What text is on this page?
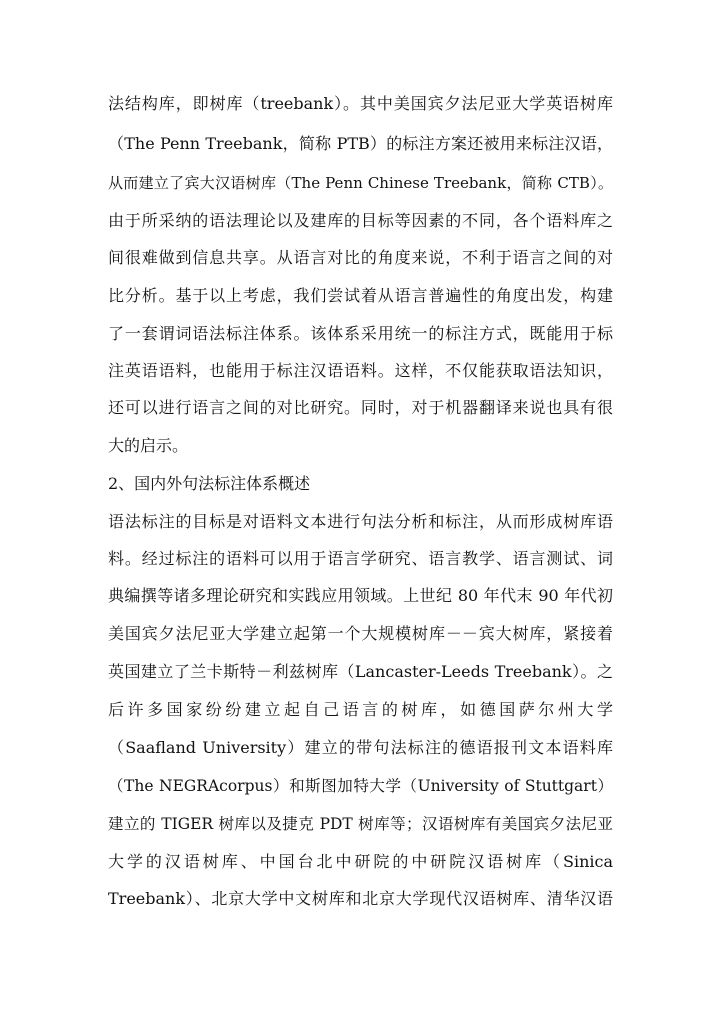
法结构库，即树库（treebank）。其中美国宾夕法尼亚大学英语树库
（The Penn Treebank，简称 PTB）的标注方案还被用来标注汉语，
从而建立了宾大汉语树库（The Penn Chinese Treebank，简称 CTB）。
由于所采纳的语法理论以及建库的目标等因素的不同，各个语料库之
间很难做到信息共享。从语言对比的角度来说，不利于语言之间的对
比分析。基于以上考虑，我们尝试着从语言普遍性的角度出发，构建
了一套谓词语法标注体系。该体系采用统一的标注方式，既能用于标
注英语语料，也能用于标注汉语语料。这样，不仅能获取语法知识，
还可以进行语言之间的对比研究。同时，对于机器翻译来说也具有很
大的启示。
2、国内外句法标注体系概述
语法标注的目标是对语料文本进行句法分析和标注，从而形成树库语
料。经过标注的语料可以用于语言学研究、语言教学、语言测试、词
典编撰等诸多理论研究和实践应用领域。上世纪 80 年代末 90 年代初
美国宾夕法尼亚大学建立起第一个大规模树库－－宾大树库，紧接着
英国建立了兰卡斯特－利兹树库（Lancaster-Leeds Treebank）。之
后许多国家纷纷建立起自己语言的树库，如德国萨尔州大学
（Saafland University）建立的带句法标注的德语报刊文本语料库
（The NEGRAcorpus）和斯图加特大学（University of Stuttgart）
建立的 TIGER 树库以及捷克 PDT 树库等；汉语树库有美国宾夕法尼亚
大学的汉语树库、中国台北中研院的中研院汉语树库（Sinica
Treebank）、北京大学中文树库和北京大学现代汉语树库、清华汉语
